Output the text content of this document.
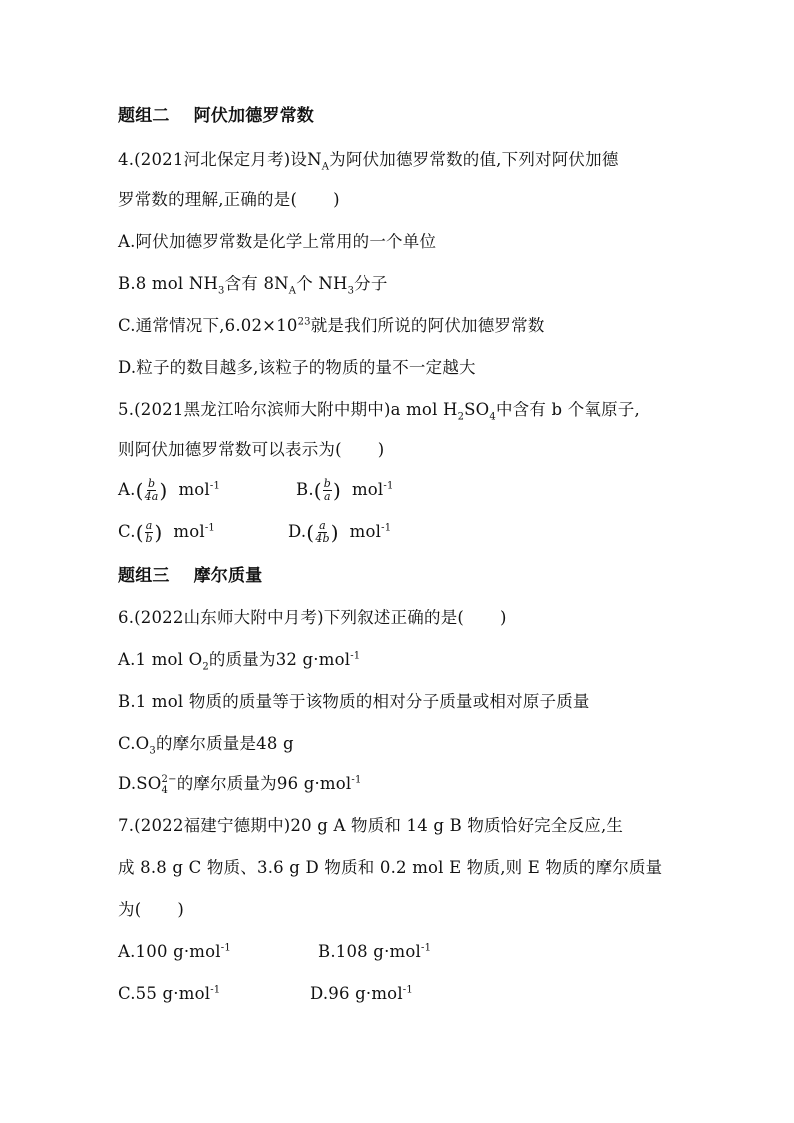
题组二 阿伏加德罗常数
4.(2021河北保定月考)设$N_A$为阿伏加德罗常数的值,下列对阿伏加德
罗常数的理解,正确的是( )
A.阿伏加德罗常数是化学上常用的一个单位
B.8 mol $NH_3$含有 $8N_A$个 $NH_3$分子
C.通常情况下$,6.02\times 10^{23}$就是我们所说的阿伏加德罗常数
D.粒子的数目越多,该粒子的物质的量不一定越大
5.(2021黑龙江哈尔滨师大附中期中)a mol $H_2SO_4$中含有 b 个氧原子,
则阿伏加德罗常数可以表示为( )
$A.( \frac{b}{4a}$ ) mol$^{-1}$	$B.( \frac{b}{a}$ ) mol$^{-1}$
$C.( \frac{a}{b}$ ) mol$^{-1}$	$D.( \frac{a}{4b}$ ) mol$^{-1}$
题组三 摩尔质量
6.(2022山东师大附中月考)下列叙述正确的是( )
A.1 mol $O_2$的质量为32 g·mol$^{-1}$
B.1 mol 物质的质量等于该物质的相对分子质量或相对原子质量
$C.O_3$的摩尔质量是48 g
D.SO 2−
4 的摩尔质量为96 g·mol$^{-1}$
7.(2022福建宁德期中)20 g A 物质和 14 g B 物质恰好完全反应,生
成 8.8 g C 物质、3.6 g D 物质和 0.2 mol E 物质,则 E 物质的摩尔质量
为( )
A.100 g·mol$^{-1}$	B.108 g·mol$^{-1}$
C.55 g·mol$^{-1}$	D.96 g·mol$^{-1}$
